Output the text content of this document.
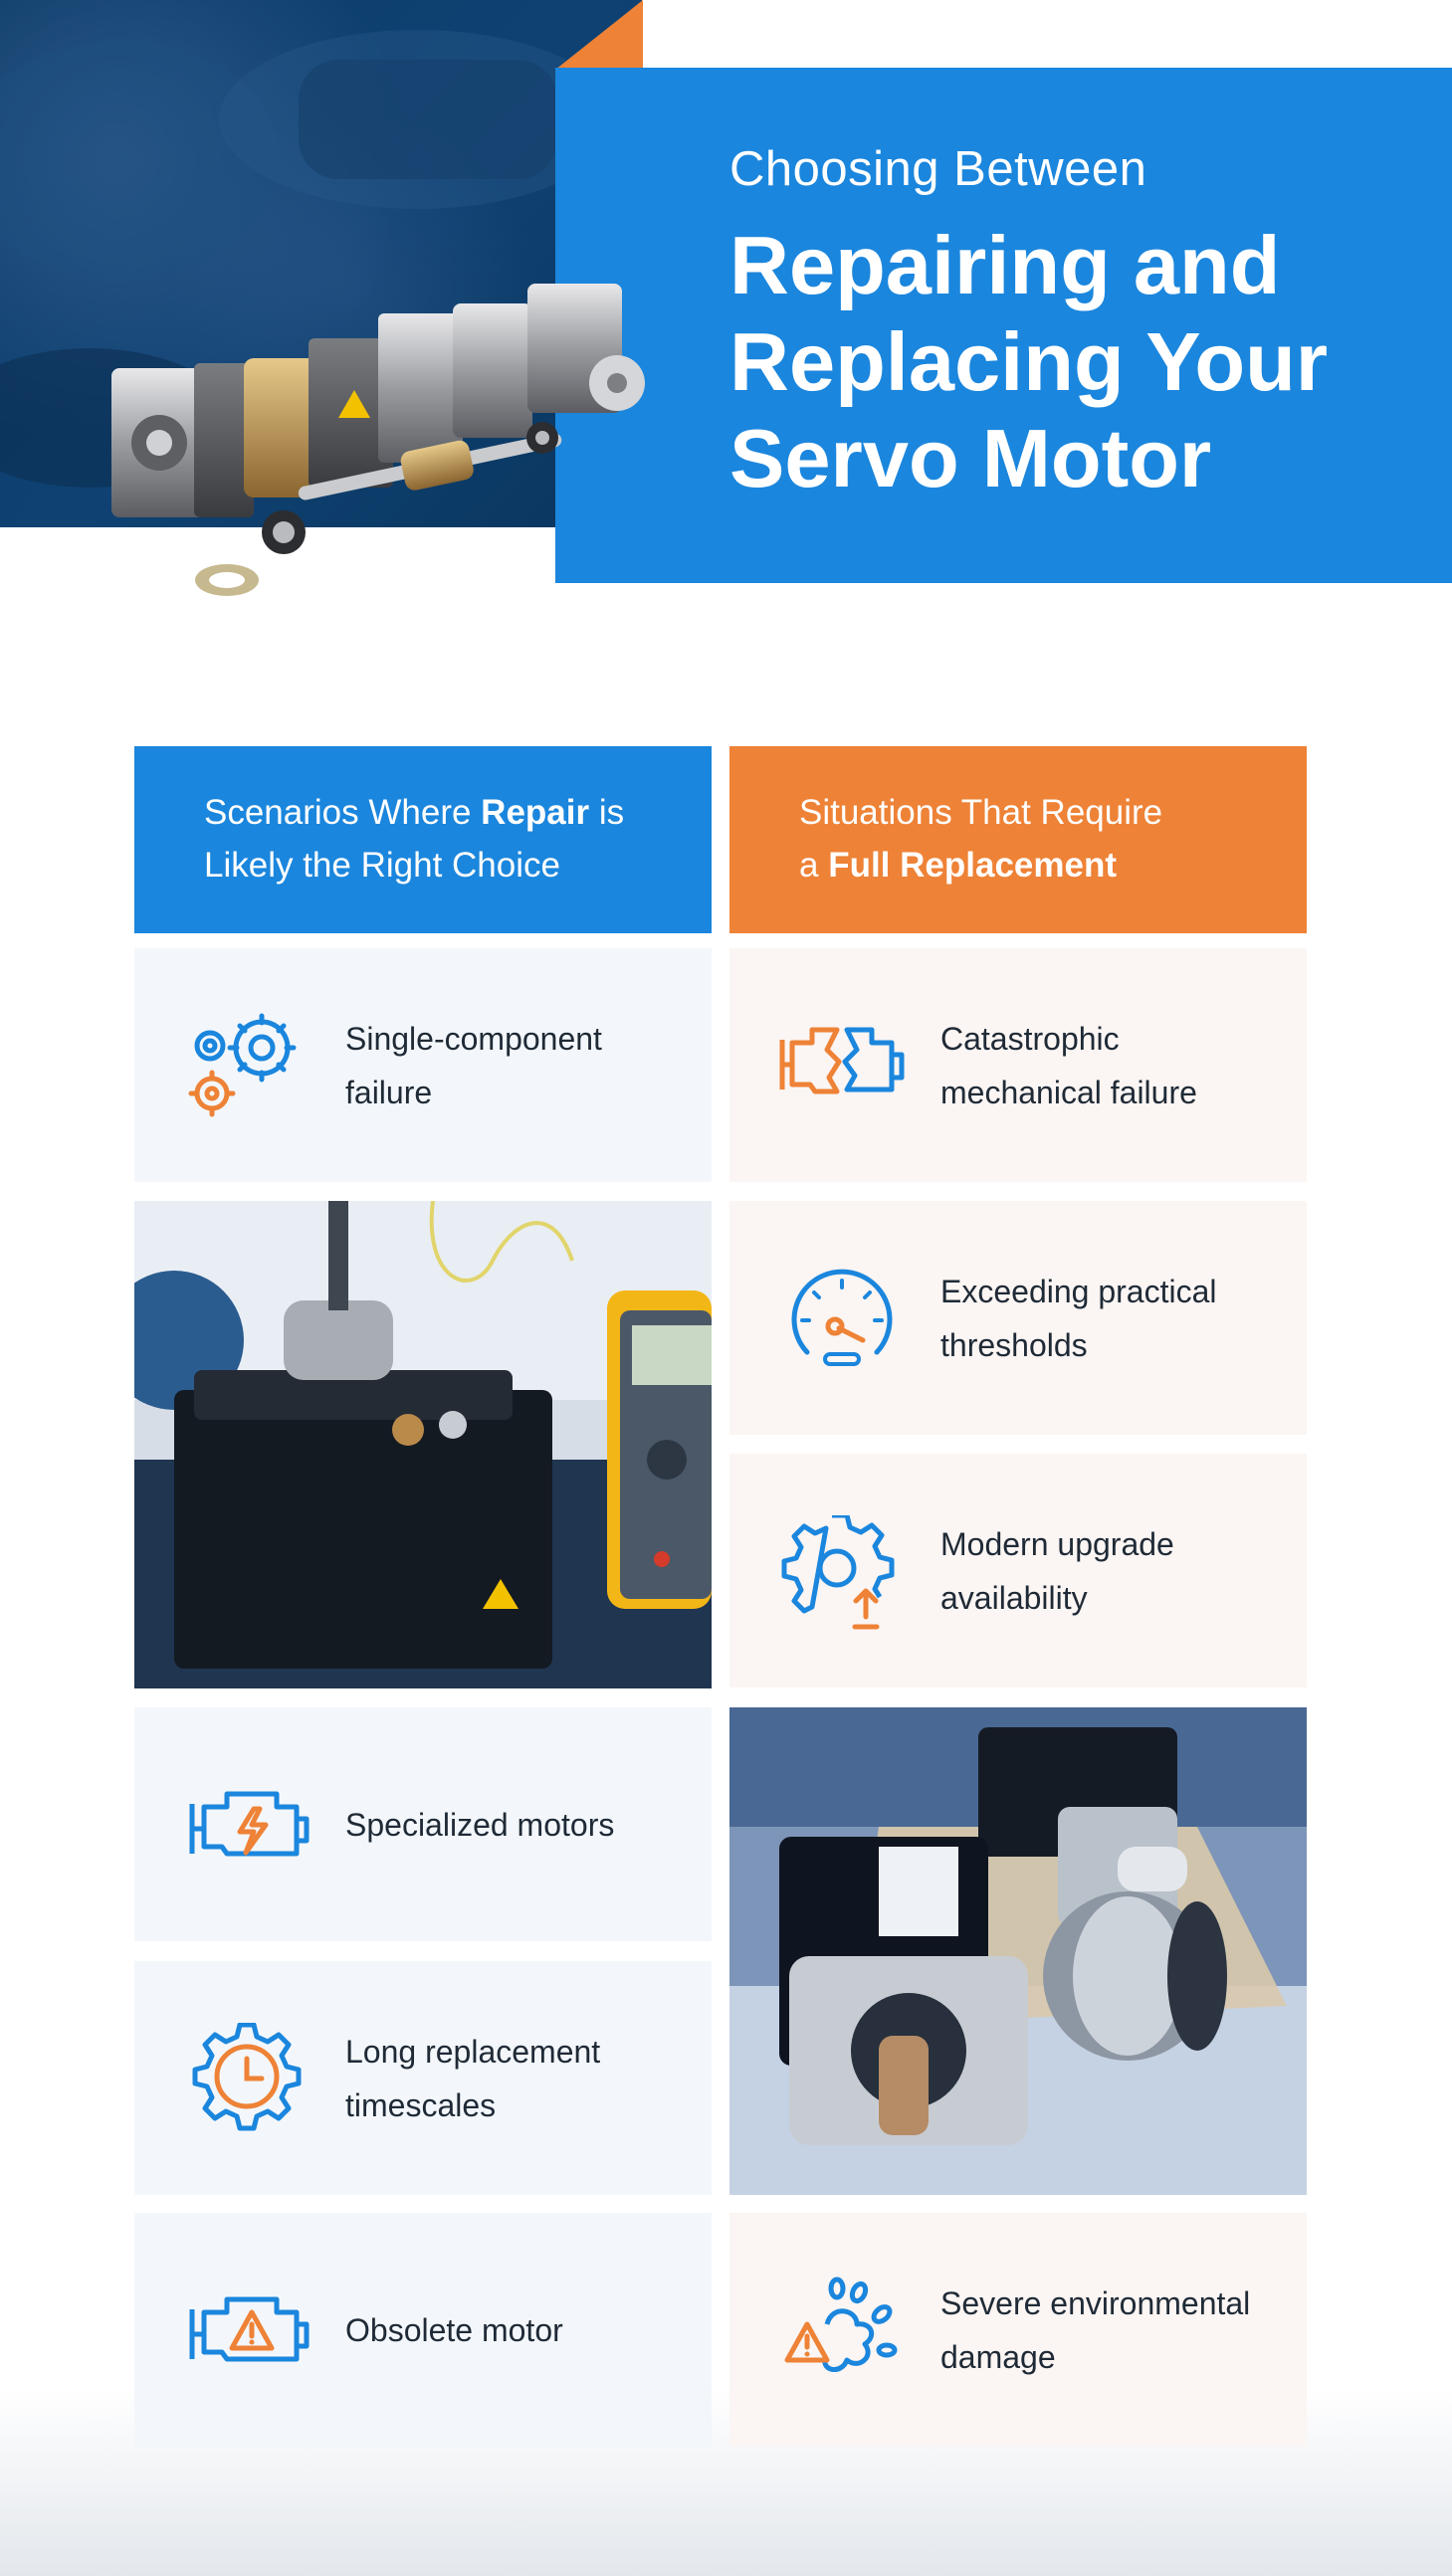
Choosing Between
Repairing and
Replacing Your
Servo Motor
Scenarios Where Repair is
Likely the Right Choice
Situations That Require
a Full Replacement
Single-component failure
Specialized motors
Long replacement timescales
Obsolete motor
Catastrophic mechanical failure
Exceeding practical thresholds
Modern upgrade availability
Severe environmental damage
